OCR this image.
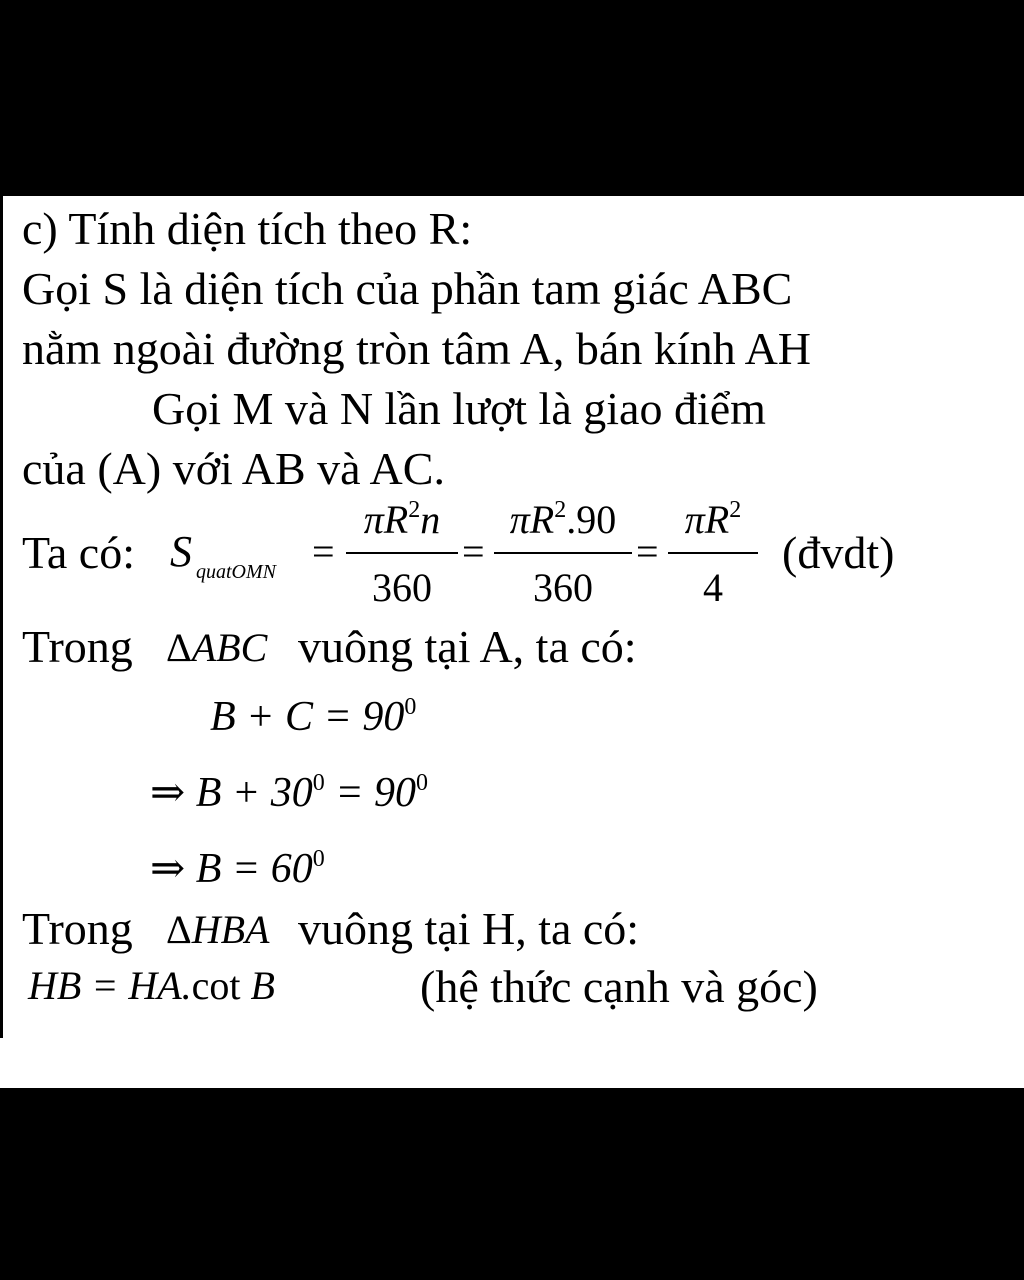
c) Tính diện tích theo R:
Gọi S là diện tích của phần tam giác ABC
nằm ngoài đường tròn tâm A, bán kính AH
Gọi M và N lần lượt là giao điểm
của (A) với AB và AC.
Ta có: S quatOMN =
$\pi R^2n$
360
=
$\pi R^2.90$
360
=
$\pi R^2$
4
(đvdt)
Trong ΔABC vuông tại A, ta có:
$B + C = 90^0$
⇒ $B + 30^0 = 90^0$
⇒ $B = 60^0$
Trong ΔHBA vuông tại H, ta có:
HB = HA.cot B	(hệ thức cạnh và góc)
